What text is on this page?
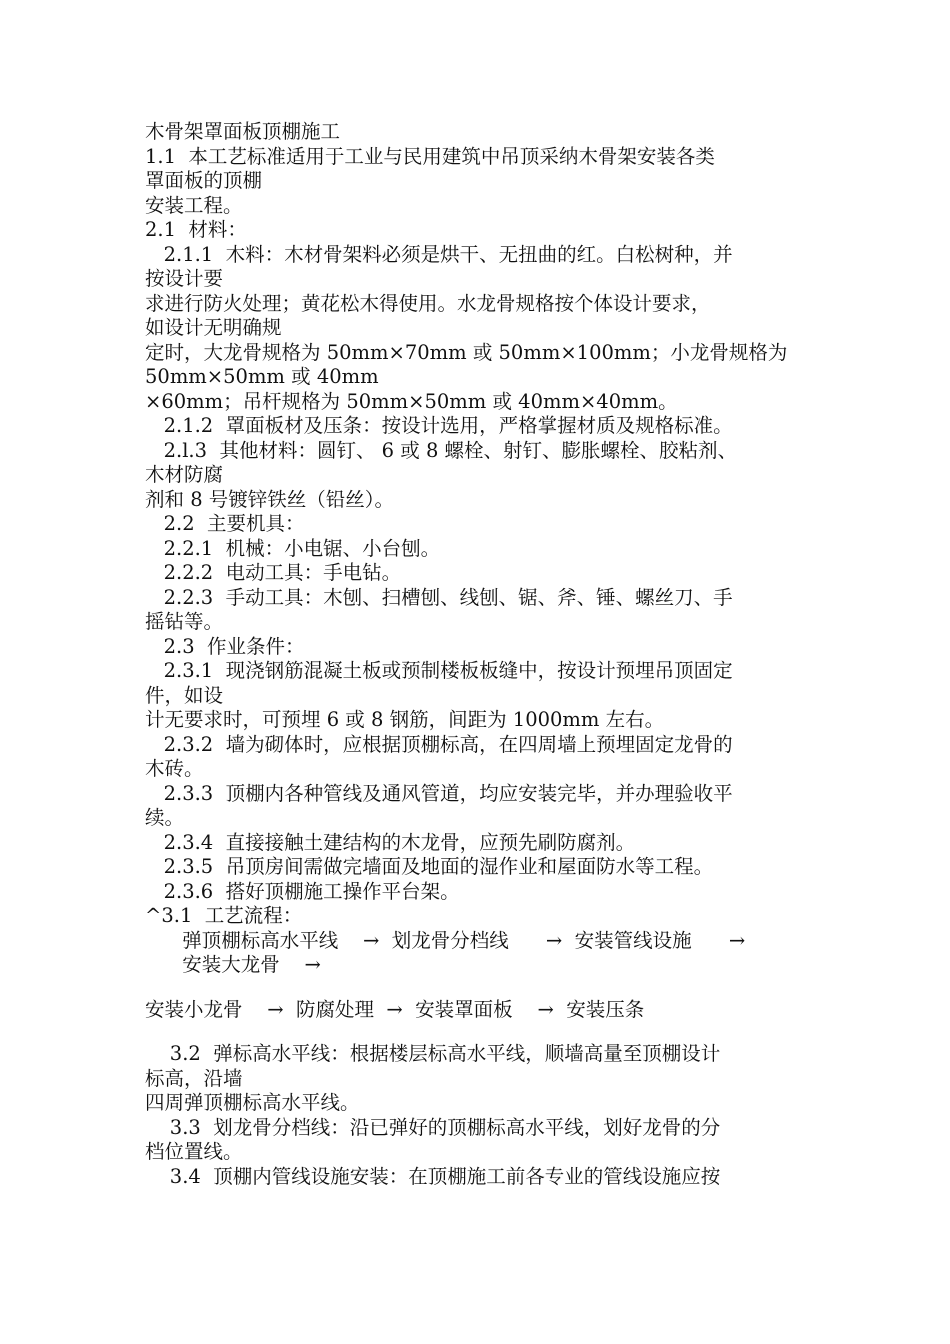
木骨架罩面板顶棚施工
1.1  本工艺标准适用于工业与民用建筑中吊顶采纳木骨架安装各类
罩面板的顶棚
安装工程。
2.1  材料：
2.1.1  木料：木材骨架料必须是烘干、无扭曲的红。白松树种，并
按设计要
求进行防火处理；黄花松木得使用。水龙骨规格按个体设计要求，
如设计无明确规
定时，大龙骨规格为 50mm×70mm 或 50mm×100mm；小龙骨规格为
50mm×50mm 或 40mm
×60mm；吊杆规格为 50mm×50mm 或 40mm×40mm。
2.1.2  罩面板材及压条：按设计选用，严格掌握材质及规格标准。
2.l.3  其他材料：圆钉、 6 或 8 螺栓、射钉、膨胀螺栓、胶粘剂、
木材防腐
剂和 8 号镀锌铁丝（铅丝）。
2.2  主要机具：
2.2.1  机械：小电锯、小台刨。
2.2.2  电动工具：手电钻。
2.2.3  手动工具：木刨、扫槽刨、线刨、锯、斧、锤、螺丝刀、手
摇钻等。
2.3  作业条件：
2.3.1  现浇钢筋混凝土板或预制楼板板缝中，按设计预埋吊顶固定
件，如设
计无要求时，可预埋 6 或 8 钢筋，间距为 1000mm 左右。
2.3.2  墙为砌体时，应根据顶棚标高，在四周墙上预埋固定龙骨的
木砖。
2.3.3  顶棚内各种管线及通风管道，均应安装完毕，并办理验收平
续。
2.3.4  直接接触土建结构的木龙骨，应预先刷防腐剂。
2.3.5  吊顶房间需做完墙面及地面的湿作业和屋面防水等工程。
2.3.6  搭好顶棚施工操作平台架。
^3.1  工艺流程：
弹顶棚标高水平线    →  划龙骨分档线      →  安装管线设施      →
安装大龙骨    →
安装小龙骨    →  防腐处理  →  安装罩面板    →  安装压条
3.2  弹标高水平线：根据楼层标高水平线，顺墙高量至顶棚设计
标高，沿墙
四周弹顶棚标高水平线。
3.3  划龙骨分档线：沿已弹好的顶棚标高水平线，划好龙骨的分
档位置线。
3.4  顶棚内管线设施安装：在顶棚施工前各专业的管线设施应按
